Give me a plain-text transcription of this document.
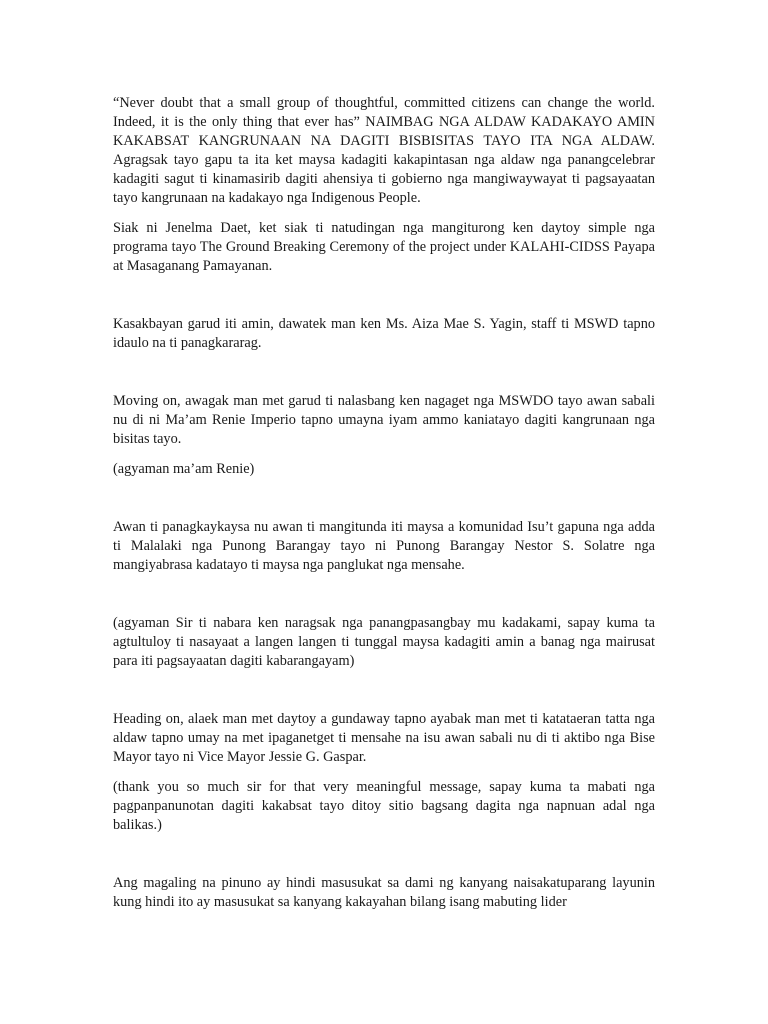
“Never doubt that a small group of thoughtful, committed citizens can change the world. Indeed, it is the only thing that ever has” NAIMBAG NGA ALDAW KADAKAYO AMIN KAKABSAT KANGRUNAAN NA DAGITI BISBISITAS TAYO ITA NGA ALDAW. Agragsak tayo gapu ta ita ket maysa kadagiti kakapintasan nga aldaw nga panangcelebrar kadagiti sagut ti kinamasirib dagiti ahensiya ti gobierno nga mangiwaywayat ti pagsayaatan tayo kangrunaan na kadakayo nga Indigenous People.

Siak ni Jenelma Daet, ket siak ti natudingan nga mangiturong ken daytoy simple nga programa tayo The Ground Breaking Ceremony of the project under KALAHI-CIDSS Payapa at Masaganang Pamayanan.

Kasakbayan garud iti amin, dawatek man ken Ms. Aiza Mae S. Yagin, staff ti MSWD tapno idaulo na ti panagkararag.

Moving on, awagak man met garud ti nalasbang ken nagaget nga MSWDO tayo awan sabali nu di ni Ma’am Renie Imperio tapno umayna iyam ammo kaniatayo dagiti kangrunaan nga bisitas tayo.

(agyaman ma’am Renie)

Awan ti panagkaykaysa nu awan ti mangitunda iti maysa a komunidad Isu’t gapuna nga adda ti Malalaki nga Punong Barangay tayo ni Punong Barangay Nestor S. Solatre nga mangiyabrasa kadatayo ti maysa nga panglukat nga mensahe.

(agyaman Sir ti nabara ken naragsak nga panangpasangbay mu kadakami, sapay kuma ta agtultuloy ti nasayaat a langen langen ti tunggal maysa kadagiti amin a banag nga mairusat para iti pagsayaatan dagiti kabarangayam)

Heading on, alaek man met daytoy a gundaway tapno ayabak man met ti katataeran tatta nga aldaw tapno umay na met ipaganetget ti mensahe na isu awan sabali nu di ti aktibo nga Bise Mayor tayo ni Vice Mayor Jessie G. Gaspar.

(thank you so much sir for that very meaningful message, sapay kuma ta mabati nga pagpanpanunotan dagiti kakabsat tayo ditoy sitio bagsang dagita nga napnuan adal nga balikas.)

Ang magaling na pinuno ay hindi masusukat sa dami ng kanyang naisakatuparang layunin kung hindi ito ay masusukat sa kanyang kakayahan bilang isang mabuting lider
